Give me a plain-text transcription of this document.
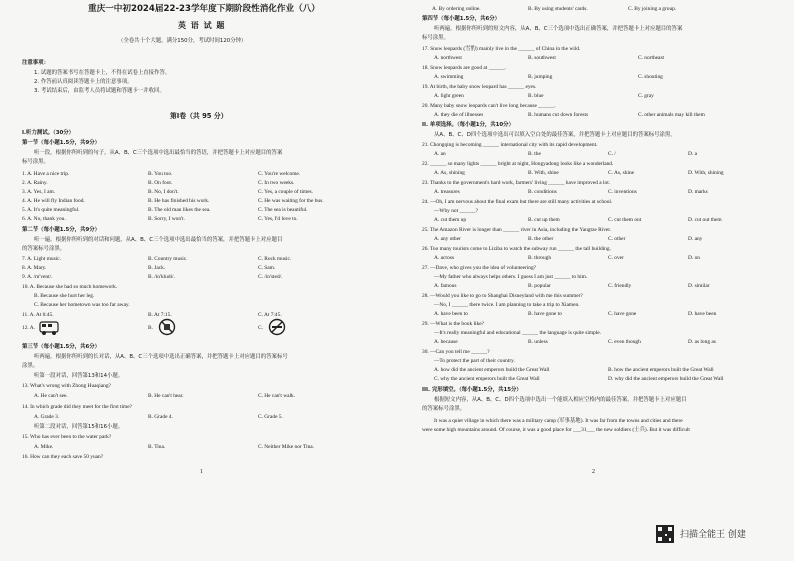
重庆一中初2024届22-23学年度下期阶段性消化作业（八）
英 语 试 题
（全卷共十个大题，满分150分，考试时间120分钟）
注意事项：
1. 试题的答案书写在答题卡上，不得在试卷上直接作答。
2. 作答前认真阅读答题卡上的注意事项。
3. 考试结束后，由监考人员将试题和答题卡一并收回。
第I卷（共 95 分）
I.听力测试。（30分）
第一节（每小题1.5分，共9分）
听一段，根据你所听到的句子，从A、B、C三个选项中选出最恰当的答语，并把答题卡上对应题目的答案
标号涂黑。
1. A. Have a nice trip.	B. You too.	C. You're welcome.
2. A. Rainy.	B. On foot.	C. In two weeks.
3. A. Yes, I am.	B. No, I don't.	C. Yes, a couple of times.
4. A. He will fly Indian food.	B. He has finished his work.	C. He was waiting for the bus.
5. A. It's quite meaningful.	B. The old man likes the sea.	C. The sea is beautiful.
6. A. No, thank you.	B. Sorry, I won't.	C. Yes, I'd love to.
第二节（每小题1.5分，共9分）
听一遍。根据你所听到的对话和问题，从A、B、C三个选项中选出最恰当的答案，并把答题卡上对应题目
的答案标号涂黑。
7. A. Light music.	B. Country music.	C. Rock music.
8. A. Mary.	B. Jack.	C. Sam.
9. A. /m'vent/.	B. /in'kludi/.	C. /in'sted/.
10. A. Because she had so much homework.
B. Because she hurt her leg.
C. Because her hometown was too far away.
11. A. At 6:45.	B. At 7:15.	C. At 7:45.
12. A.	B.	C.
第三节（每小题1.5分，共6分）
听两遍。根据你所听到的长对话，从A、B、C三个选项中选出正确答案，并把答题卡上对应题目的答案标号
涂黑。
听第一段对话，回答第13和14小题。
13. What's wrong with Zhong Huaqiang?
A. He can't see.	B. He can't hear.	C. He can't walk.
14. In which grade did they meet for the first time?
A. Grade 3.	B. Grade 4.	C. Grade 5.
听第二段对话，回答第15和16小题。
15. Who has ever been to the water park?
A. Mike.	B. Tina.	C. Neither Mike nor Tina.
16. How can they each save 50 yuan?
1
A. By ordering online.	B. By using students' cards.	C. By joining a group.
第四节（每小题1.5分，共6分）
听两遍。根据你所听到的短文内容，从A、B、C三个选项中选出正确答案，并把答题卡上对应题目的答案
标号涂黑。
17. Snow leopards (雪豹) mainly live in the ______ of China in the wild.
A. northwest	B. southwest	C. northeast
18. Snow leopards are good at ______.
A. swimming	B. jumping	C. shouting
19. At birth, the baby snow leopard has ______ eyes.
A. light green	B. blue	C. gray
20. Many baby snow leopards can't live long because ______.
A. they die of illnesses	B. humans cut down forests	C. other animals may kill them
II. 单项选择。（每小题1分，共10分）
从A、B、C、D四个选项中选出可以填入空白处的最佳答案，并把答题卡上对应题目的答案标号涂黑。
21. Chongqing is becoming ______ international city with its rapid development.
A. an	B. the	C. /	D. a
22. ______ so many lights ______ bright at night, Hongyadong looks like a wonderland.
A. As, shining	B. With, shine	C. As, shine	D. With, shining
23. Thanks to the government's hard work, farmers' living ______ have improved a lot.
A. treasures	B. conditions	C. inventions	D. marks
24. —Oh, I am nervous about the final exam but there are still many activities at school.
—Why not ______?
A. cut them up	B. cut up them	C. cut them out	D. cut out them
25. The Amazon River is longer than ______ river in Asia, including the Yangtze River.
A. any other	B. the other	C. other	D. any
26. Too many tourists come to Liziba to watch the subway run ______ the tall building.
A. across	B. through	C. over	D. on
27. —Dave, who gives you the idea of volunteering?
—My father who always helps others. I guess I am just ______ to him.
A. famous	B. popular	C. friendly	D. similar
28. —Would you like to go to Shanghai Disneyland with me this summer?
—No, I ______ there twice. I am planning to take a trip to Xiamen.
A. have been to	B. have gone to	C. have gone	D. have been
29. —What is the book like?
—It's really meaningful and educational ______ the language is quite simple.
A. because	B. unless	C. even though	D. as long as
30. —Can you tell me ______?
—To protect the part of their country.
A. how did the ancient emperors build the Great Wall	B. how the ancient emperors built the Great Wall
C. why the ancient emperors built the Great Wall	D. why did the ancient emperors build the Great Wall
III. 完形填空。（每小题1.5分，共15分）
根据短文内容，从A、B、C、D四个选项中选出一个能填入相应空格内的最佳答案，并把答题卡上对应题目
的答案标号涂黑。
It was a quiet village in which there was a military camp (军事基地). It was far from the towns and cities and there
were some high mountains around. Of course, it was a good place for ___31___ the new soldiers (士兵). But it was difficult
2
扫描全能王 创建
